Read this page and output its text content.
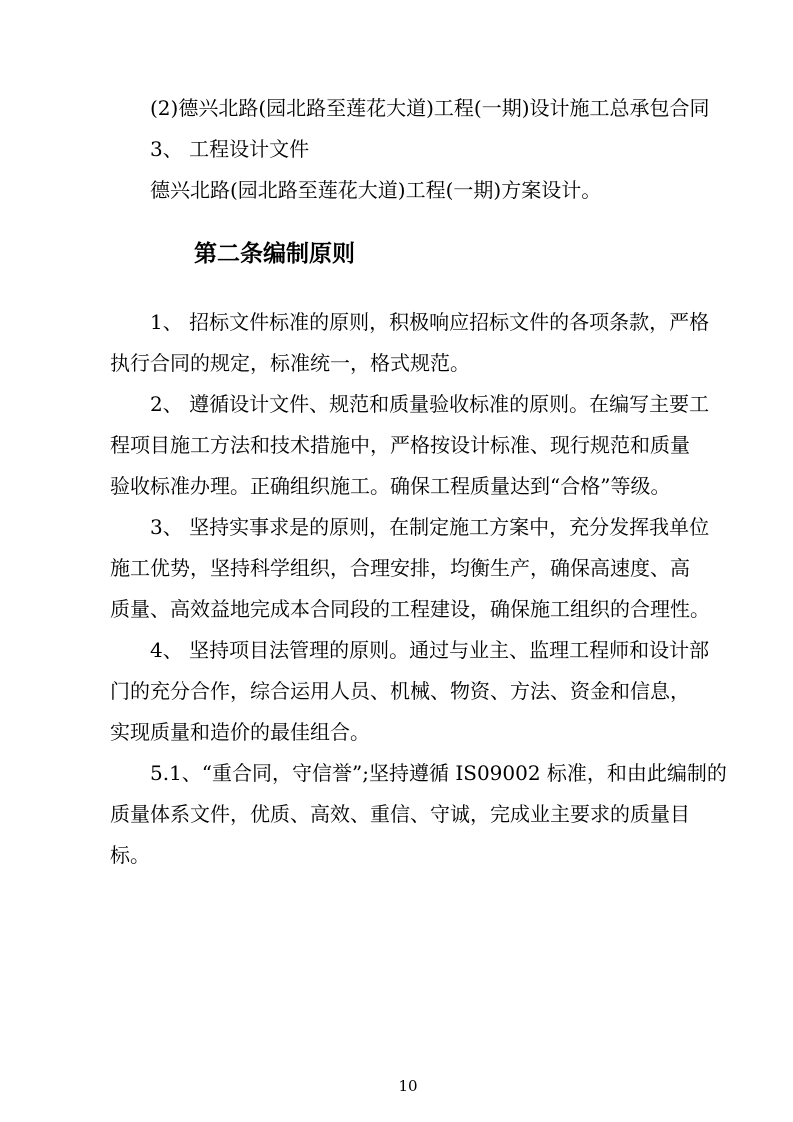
(2)德兴北路(园北路至莲花大道)工程(一期)设计施工总承包合同
3、 工程设计文件
德兴北路(园北路至莲花大道)工程(一期)方案设计。
第二条编制原则
1、 招标文件标准的原则，积极响应招标文件的各项条款，严格
执行合同的规定，标准统一，格式规范。
2、 遵循设计文件、规范和质量验收标准的原则。在编写主要工
程项目施工方法和技术措施中，严格按设计标准、现行规范和质量
验收标准办理。正确组织施工。确保工程质量达到“合格”等级。
3、 坚持实事求是的原则，在制定施工方案中，充分发挥我单位
施工优势，坚持科学组织，合理安排，均衡生产，确保高速度、高
质量、高效益地完成本合同段的工程建设，确保施工组织的合理性。
4、 坚持项目法管理的原则。通过与业主、监理工程师和设计部
门的充分合作，综合运用人员、机械、物资、方法、资金和信息，
实现质量和造价的最佳组合。
5.1、“重合同，守信誉”;坚持遵循 IS09002 标准，和由此编制的
质量体系文件，优质、高效、重信、守诚，完成业主要求的质量目
标。
10
